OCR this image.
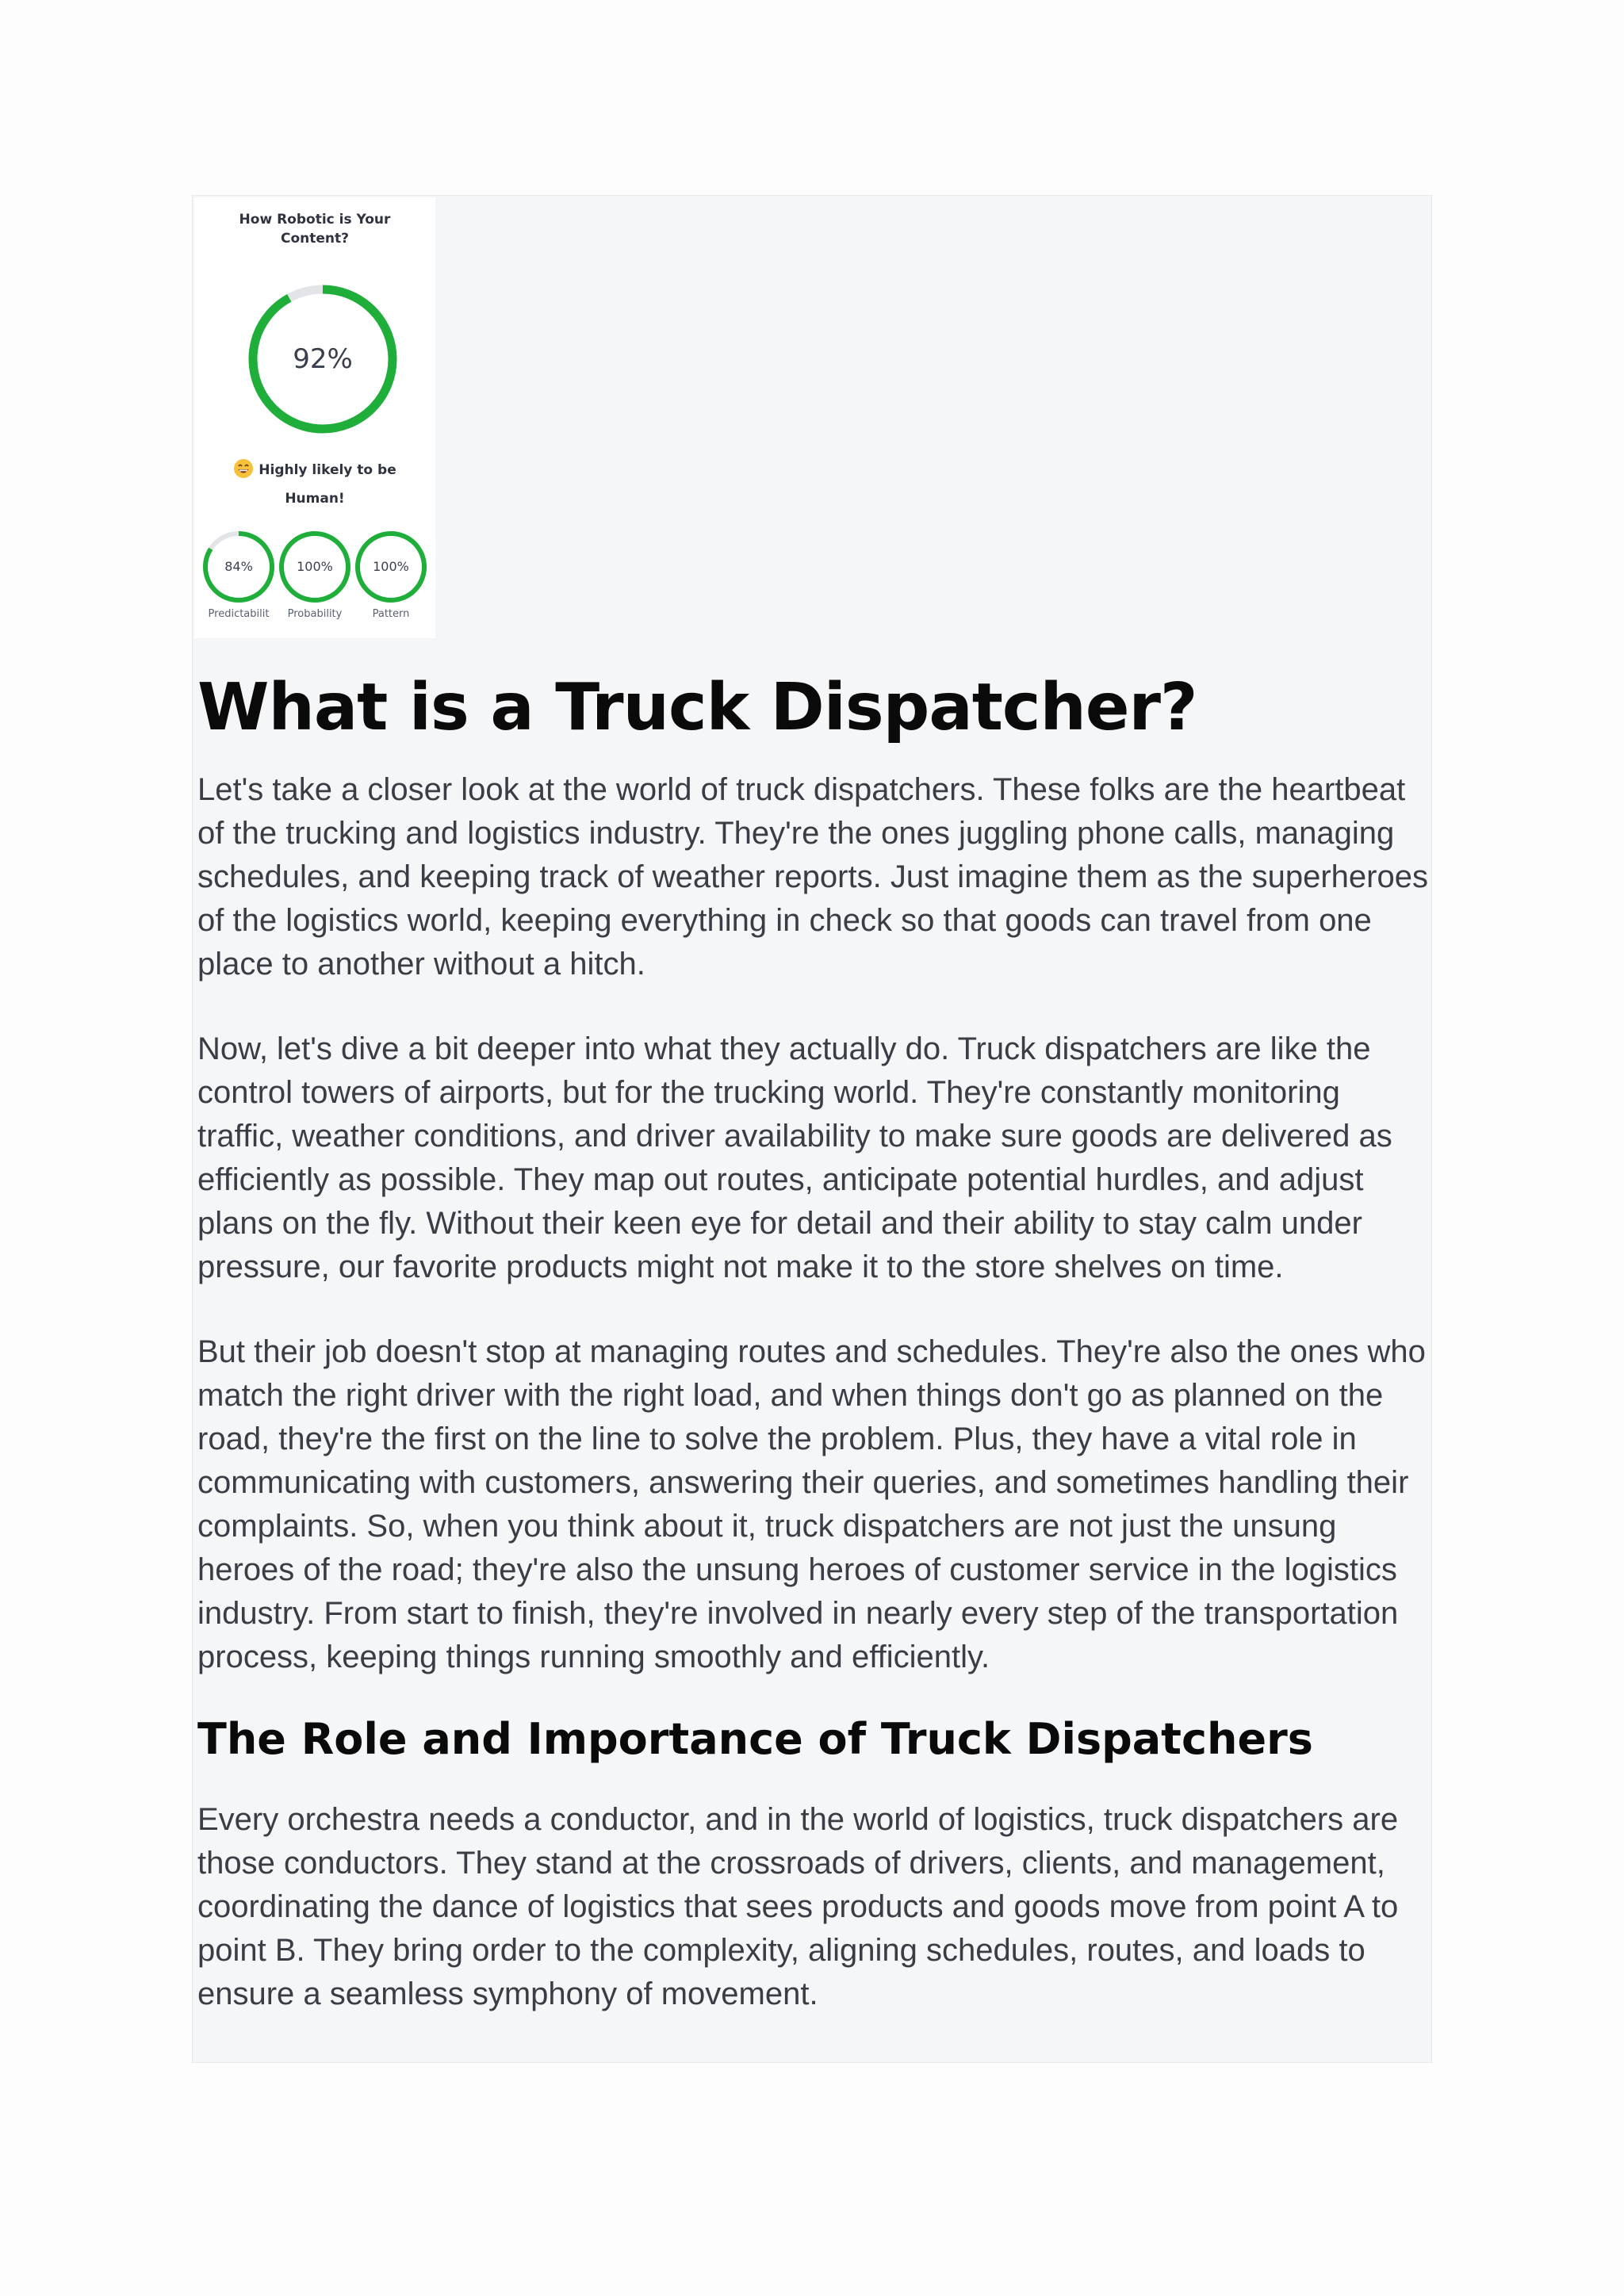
How Robotic is Your
Content?
92%
Highly likely to be
Human!
84%
Predictabilit
100%
Probability
100%
Pattern
What is a Truck Dispatcher?

Let's take a closer look at the world of truck dispatchers. These folks are the heartbeat of the trucking and logistics industry. They're the ones juggling phone calls, managing schedules, and keeping track of weather reports. Just imagine them as the superheroes of the logistics world, keeping everything in check so that goods can travel from one place to another without a hitch.

Now, let's dive a bit deeper into what they actually do. Truck dispatchers are like the control towers of airports, but for the trucking world. They're constantly monitoring traffic, weather conditions, and driver availability to make sure goods are delivered as efficiently as possible. They map out routes, anticipate potential hurdles, and adjust plans on the fly. Without their keen eye for detail and their ability to stay calm under pressure, our favorite products might not make it to the store shelves on time.

But their job doesn't stop at managing routes and schedules. They're also the ones who match the right driver with the right load, and when things don't go as planned on the road, they're the first on the line to solve the problem. Plus, they have a vital role in communicating with customers, answering their queries, and sometimes handling their complaints. So, when you think about it, truck dispatchers are not just the unsung heroes of the road; they're also the unsung heroes of customer service in the logistics industry. From start to finish, they're involved in nearly every step of the transportation process, keeping things running smoothly and efficiently.

The Role and Importance of Truck Dispatchers

Every orchestra needs a conductor, and in the world of logistics, truck dispatchers are those conductors. They stand at the crossroads of drivers, clients, and management, coordinating the dance of logistics that sees products and goods move from point A to point B. They bring order to the complexity, aligning schedules, routes, and loads to ensure a seamless symphony of movement.
